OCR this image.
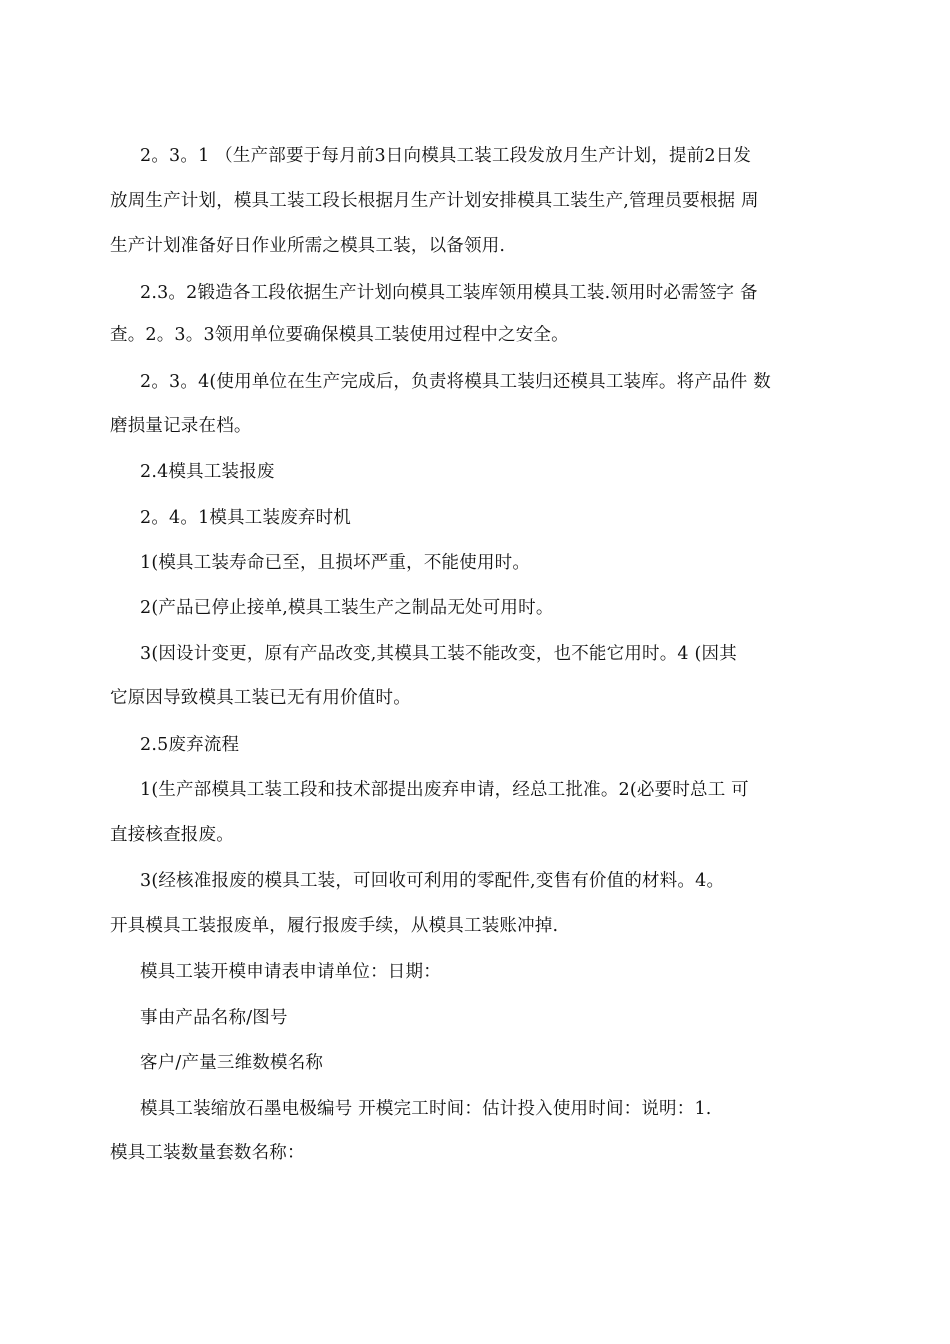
2。3。1 （生产部要于每月前3日向模具工装工段发放月生产计划，提前2日发
放周生产计划，模具工装工段长根据月生产计划安排模具工装生产,管理员要根据 周
生产计划准备好日作业所需之模具工装，以备领用.
2.3。2锻造各工段依据生产计划向模具工装库领用模具工装.领用时必需签字 备
查。2。3。3领用单位要确保模具工装使用过程中之安全。
2。3。4(使用单位在生产完成后，负责将模具工装归还模具工装库。将产品件 数
磨损量记录在档。
2.4模具工装报废
2。4。1模具工装废弃时机
1(模具工装寿命已至，且损坏严重，不能使用时。
2(产品已停止接单,模具工装生产之制品无处可用时。
3(因设计变更，原有产品改变,其模具工装不能改变，也不能它用时。4 (因其
它原因导致模具工装已无有用价值时。
2.5废弃流程
1(生产部模具工装工段和技术部提出废弃申请，经总工批准。2(必要时总工 可
直接核查报废。
3(经核准报废的模具工装，可回收可利用的零配件,变售有价值的材料。4。
开具模具工装报废单，履行报废手续，从模具工装账冲掉.
模具工装开模申请表申请单位：日期：
事由产品名称/图号
客户/产量三维数模名称
模具工装缩放石墨电极编号 开模完工时间：估计投入使用时间：说明：1.
模具工装数量套数名称：
